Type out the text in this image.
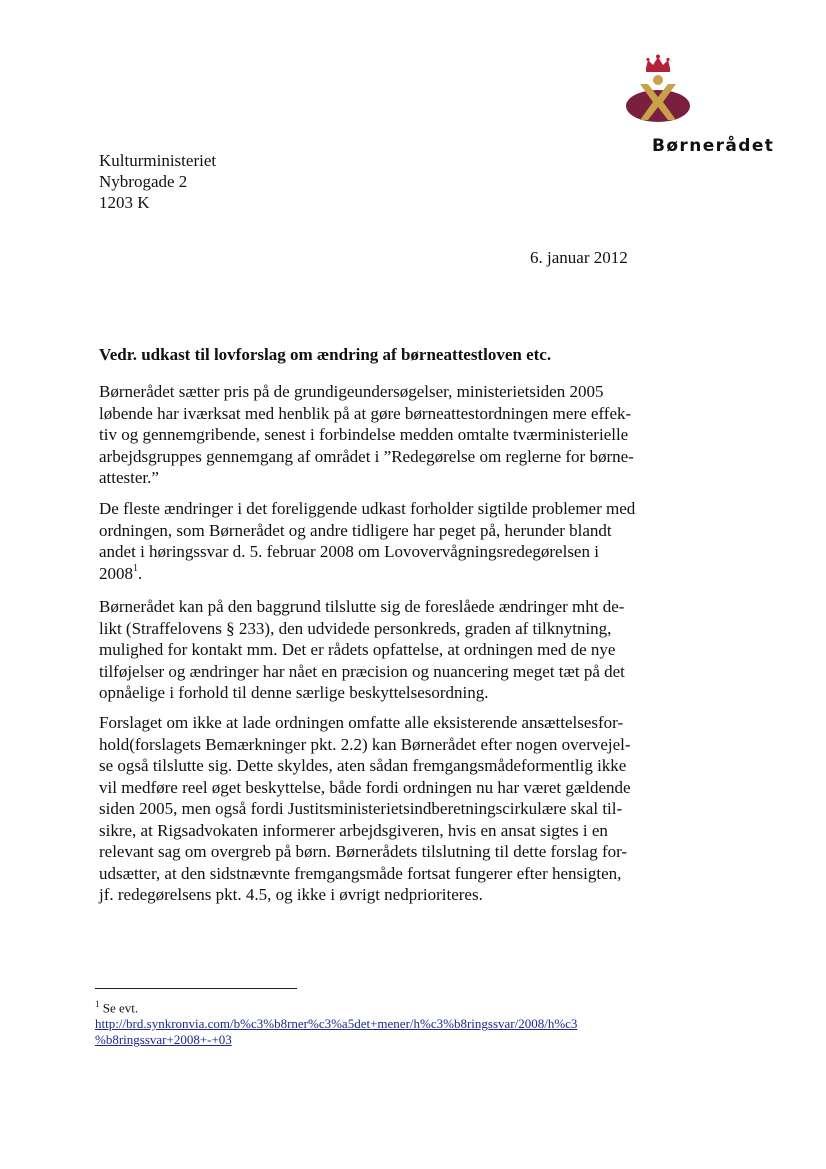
Børnerådet
Kulturministeriet
Nybrogade 2
1203 K
6. januar 2012
Vedr. udkast til lovforslag om ændring af børneattestloven etc.
Børnerådet sætter pris på de grundigeundersøgelser, ministerietsiden 2005
løbende har iværksat med henblik på at gøre børneattestordningen mere effek-
tiv og gennemgribende, senest i forbindelse medden omtalte tværministerielle
arbejdsgruppes gennemgang af området i ”Redegørelse om reglerne for børne-
attester.”
De fleste ændringer i det foreliggende udkast forholder sigtilde problemer med
ordningen, som Børnerådet og andre tidligere har peget på, herunder blandt
andet i høringssvar d. 5. februar 2008 om Lovovervågningsredegørelsen i
2008$^1$.
Børnerådet kan på den baggrund tilslutte sig de foreslåede ændringer mht de-
likt (Straffelovens § 233), den udvidede personkreds, graden af tilknytning,
mulighed for kontakt mm. Det er rådets opfattelse, at ordningen med de nye
tilføjelser og ændringer har nået en præcision og nuancering meget tæt på det
opnåelige i forhold til denne særlige beskyttelsesordning.
Forslaget om ikke at lade ordningen omfatte alle eksisterende ansættelsesfor-
hold(forslagets Bemærkninger pkt. 2.2) kan Børnerådet efter nogen overvejel-
se også tilslutte sig. Dette skyldes, aten sådan fremgangsmådeformentlig ikke
vil medføre reel øget beskyttelse, både fordi ordningen nu har været gældende
siden 2005, men også fordi Justitsministerietsindberetningscirkulære skal til-
sikre, at Rigsadvokaten informerer arbejdsgiveren, hvis en ansat sigtes i en
relevant sag om overgreb på børn. Børnerådets tilslutning til dette forslag for-
udsætter, at den sidstnævnte fremgangsmåde fortsat fungerer efter hensigten,
jf. redegørelsens pkt. 4.5, og ikke i øvrigt nedprioriteres.
$^1$ Se evt.
http://brd.synkronvia.com/b%c3%b8rner%c3%a5det+mener/h%c3%b8ringssvar/2008/h%c3
%b8ringssvar+2008+-+03
